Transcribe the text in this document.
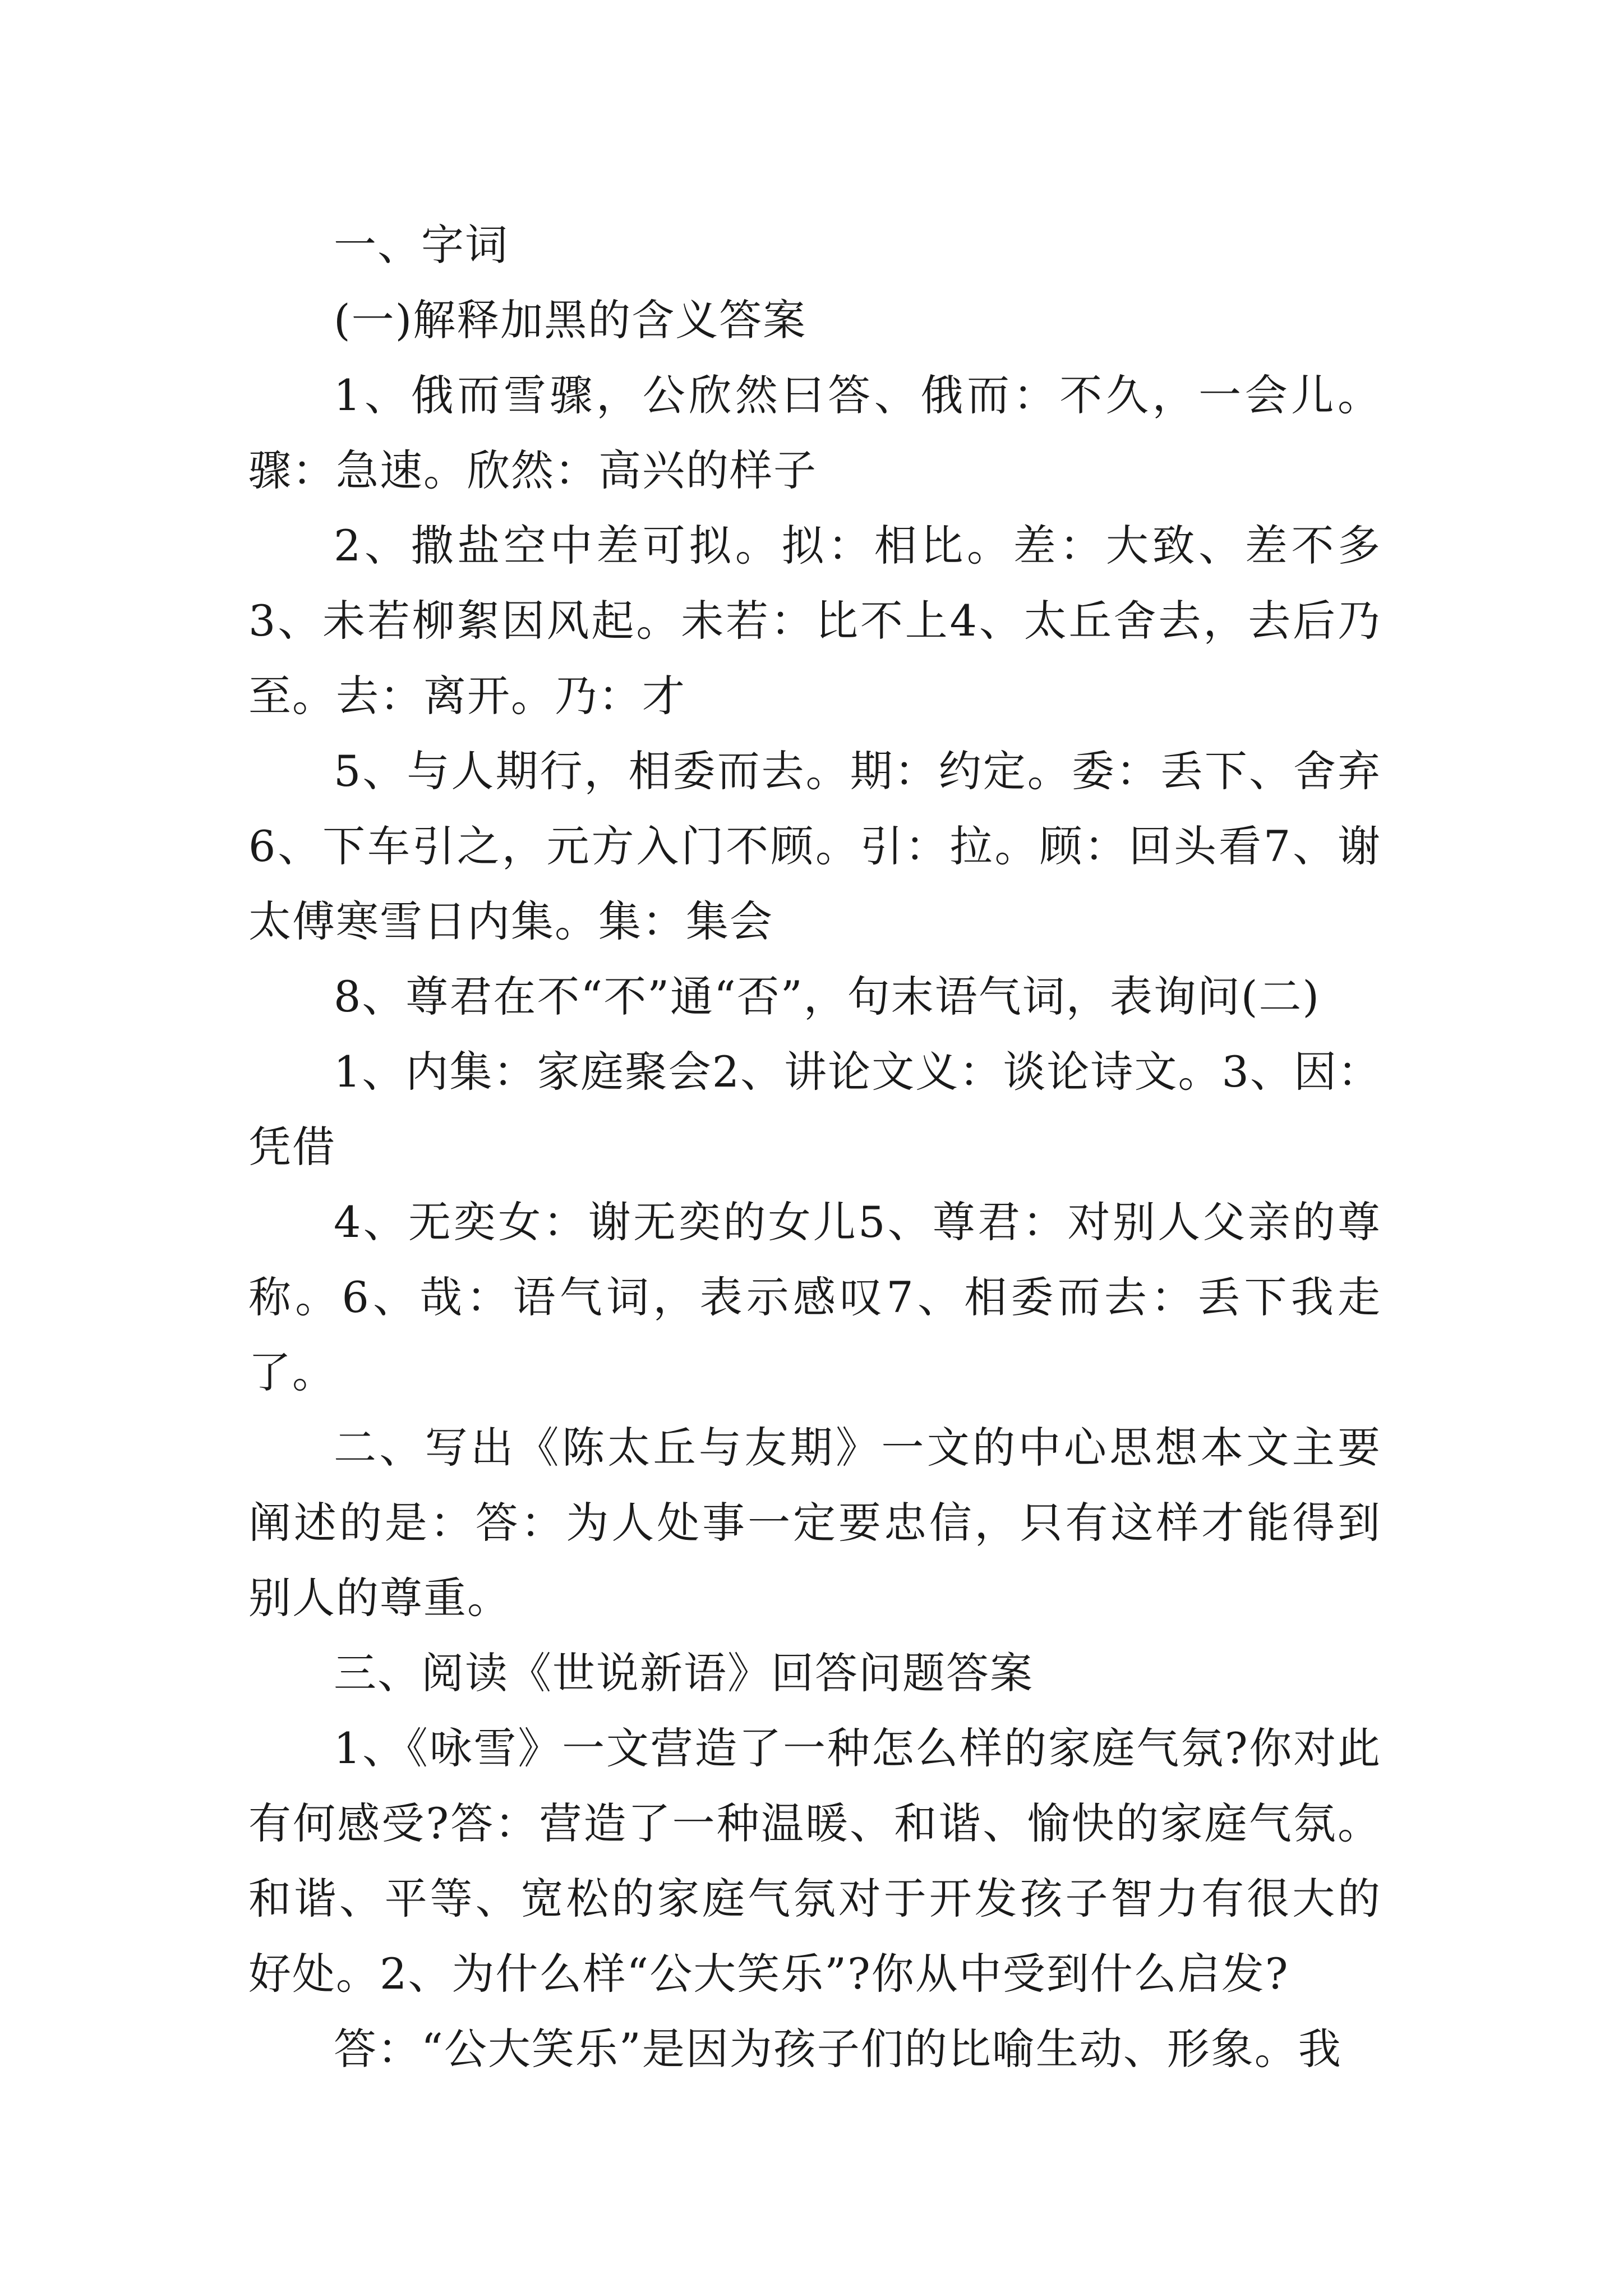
一、字词

(一)解释加黑的含义答案

1、俄而雪骤，公欣然曰答、俄而：不久，一会儿。骤：急速。欣然：高兴的样子

2、撒盐空中差可拟。拟：相比。差：大致、差不多3、未若柳絮因风起。未若：比不上4、太丘舍去，去后乃至。去：离开。乃：才

5、与人期行，相委而去。期：约定。委：丢下、舍弃6、下车引之，元方入门不顾。引：拉。顾：回头看7、谢太傅寒雪日内集。集：集会

8、尊君在不“不”通“否”，句末语气词，表询问(二)

1、内集：家庭聚会2、讲论文义：谈论诗文。3、因：凭借

4、无奕女：谢无奕的女儿5、尊君：对别人父亲的尊称。6、哉：语气词，表示感叹7、相委而去：丢下我走了。

二、写出《陈太丘与友期》一文的中心思想本文主要阐述的是：答：为人处事一定要忠信，只有这样才能得到别人的尊重。

三、阅读《世说新语》回答问题答案

1、《咏雪》一文营造了一种怎么样的家庭气氛?你对此有何感受?答：营造了一种温暖、和谐、愉快的家庭气氛。和谐、平等、宽松的家庭气氛对于开发孩子智力有很大的好处。2、为什么样“公大笑乐”?你从中受到什么启发?

答：“公大笑乐”是因为孩子们的比喻生动、形象。我
